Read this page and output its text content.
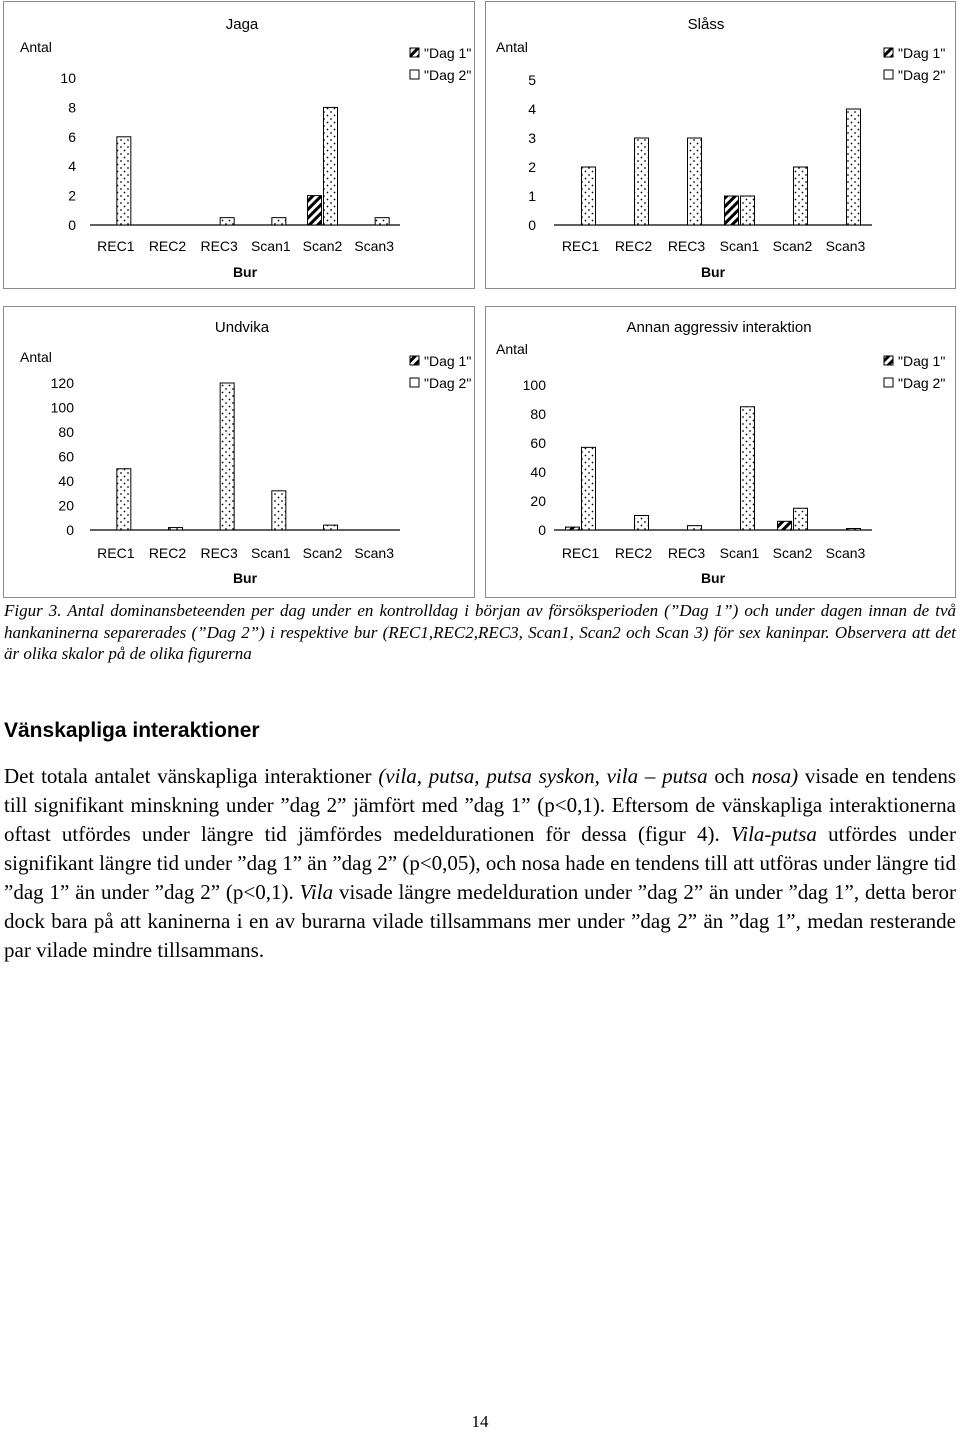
Jaga
Antal
0
2
4
6
8
10
REC1 REC2 REC3 Scan1 Scan2 Scan3
Bur
"Dag 1"
"Dag 2"
Slåss
Antal
0
1
2
3
4
5
REC1 REC2 REC3 Scan1 Scan2 Scan3
Bur
"Dag 1"
"Dag 2"
Undvika
Antal
0
20
40
60
80
100
120
REC1 REC2 REC3 Scan1 Scan2 Scan3
Bur
"Dag 1"
"Dag 2"
Annan aggressiv interaktion
Antal
0
20
40
60
80
100
REC1 REC2 REC3 Scan1 Scan2 Scan3
Bur
"Dag 1"
"Dag 2"

Figur 3. Antal dominansbeteenden per dag under en kontrolldag i början av försöksperioden (”Dag 1”) och under dagen innan de två hankaninerna separerades (”Dag 2”) i respektive bur (REC1,REC2,REC3, Scan1, Scan2 och Scan 3) för sex kaninpar. Observera att det är olika skalor på de olika figurerna

Vänskapliga interaktioner

Det totala antalet vänskapliga interaktioner (vila, putsa, putsa syskon, vila – putsa och nosa) visade en tendens till signifikant minskning under ”dag 2” jämfört med ”dag 1” (p<0,1). Eftersom de vänskapliga interaktionerna oftast utfördes under längre tid jämfördes medeldurationen för dessa (figur 4). Vila-putsa utfördes under signifikant längre tid under ”dag 1” än ”dag 2” (p<0,05), och nosa hade en tendens till att utföras under längre tid ”dag 1” än under ”dag 2” (p<0,1). Vila visade längre medelduration under ”dag 2” än under ”dag 1”, detta beror dock bara på att kaninerna i en av burarna vilade tillsammans mer under ”dag 2” än ”dag 1”, medan resterande par vilade mindre tillsammans.

14
